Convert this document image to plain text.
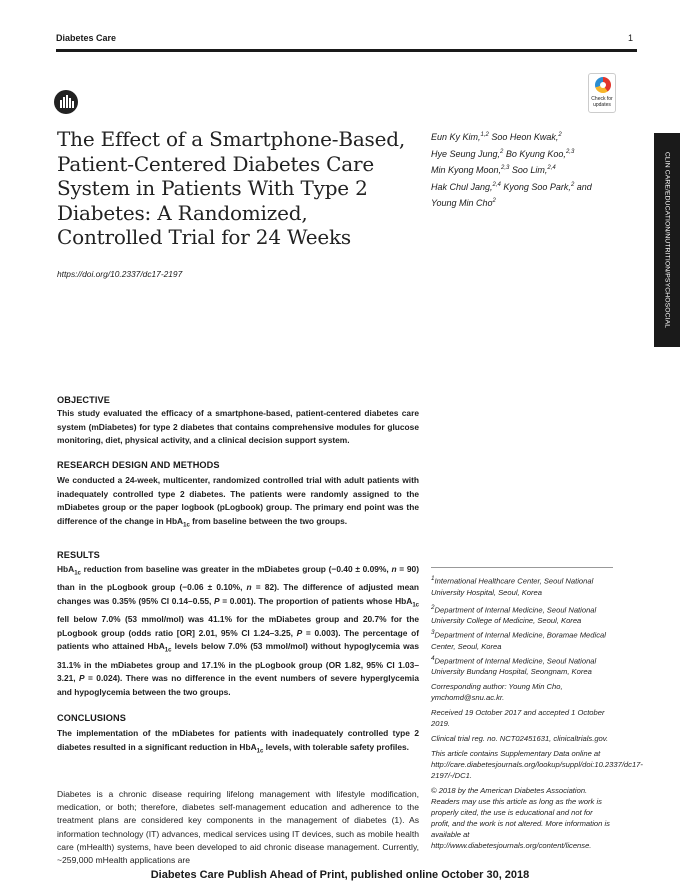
Diabetes Care	1
Check for
updates
The Effect of a Smartphone-Based,
Patient-Centered Diabetes Care
System in Patients With Type 2
Diabetes: A Randomized,
Controlled Trial for 24 Weeks
https://doi.org/10.2337/dc17-2197
Eun Ky Kim,$^{1,2}$ Soo Heon Kwak,$^2$
Hye Seung Jung,$^2$ Bo Kyung Koo,$^{2,3}$
Min Kyong Moon,$^{2,3}$ Soo Lim,$^{2,4}$
Hak Chul Jang,$^{2,4}$ Kyong Soo Park,$^2$ and
Young Min Cho$^2$	CLIN CARE/EDUCATION/NUTRITION/PSYCHOSOCIAL
OBJECTIVE
This study evaluated the efficacy of a smartphone-based, patient-centered diabetes care system (mDiabetes) for type 2 diabetes that contains comprehensive modules for glucose monitoring, diet, physical activity, and a clinical decision support system.
RESEARCH DESIGN AND METHODS
We conducted a 24-week, multicenter, randomized controlled trial with adult patients with inadequately controlled type 2 diabetes. The patients were randomly assigned to the mDiabetes group or the paper logbook (pLogbook) group. The primary end point was the difference of the change in HbA$_{1c}$ from baseline between the two groups.
RESULTS
HbA$_{1c}$ reduction from baseline was greater in the mDiabetes group (−0.40 ± 0.09%, n = 90) than in the pLogbook group (−0.06 ± 0.10%, n = 82). The difference of adjusted mean changes was 0.35% (95% CI 0.14–0.55, P = 0.001). The proportion of patients whose HbA$_{1c}$ fell below 7.0% (53 mmol/mol) was 41.1% for the mDiabetes group and 20.7% for the pLogbook group (odds ratio [OR] 2.01, 95% CI 1.24–3.25, P = 0.003). The percentage of patients who attained HbA$_{1c}$ levels below 7.0% (53 mmol/mol) without hypoglycemia was 31.1% in the mDiabetes group and 17.1% in the pLogbook group (OR 1.82, 95% CI 1.03–3.21, P = 0.024). There was no difference in the event numbers of severe hyperglycemia and hypoglycemia between the two groups.
CONCLUSIONS
The implementation of the mDiabetes for patients with inadequately controlled type 2 diabetes resulted in a significant reduction in HbA$_{1c}$ levels, with tolerable safety profiles.
Diabetes is a chronic disease requiring lifelong management with lifestyle modification, medication, or both; therefore, diabetes self-management education and adherence to the treatment plans are considered key components in the management of diabetes (1). As information technology (IT) advances, medical services using IT devices, such as mobile health care (mHealth) systems, have been developed to aid chronic disease management. Currently, ~259,000 mHealth applications are
$^1$International Healthcare Center, Seoul National University Hospital, Seoul, Korea
$^2$Department of Internal Medicine, Seoul National University College of Medicine, Seoul, Korea
$^3$Department of Internal Medicine, Boramae Medical Center, Seoul, Korea
$^4$Department of Internal Medicine, Seoul National University Bundang Hospital, Seongnam, Korea
Corresponding author: Young Min Cho, ymchomd@snu.ac.kr.
Received 19 October 2017 and accepted 1 October 2019.
Clinical trial reg. no. NCT02451631, clinicaltrials.gov.
This article contains Supplementary Data online at http://care.diabetesjournals.org/lookup/suppl/doi:10.2337/dc17-2197/-/DC1.
© 2018 by the American Diabetes Association. Readers may use this article as long as the work is properly cited, the use is educational and not for profit, and the work is not altered. More information is available at http://www.diabetesjournals.org/content/license.
Diabetes Care Publish Ahead of Print, published online October 30, 2018
